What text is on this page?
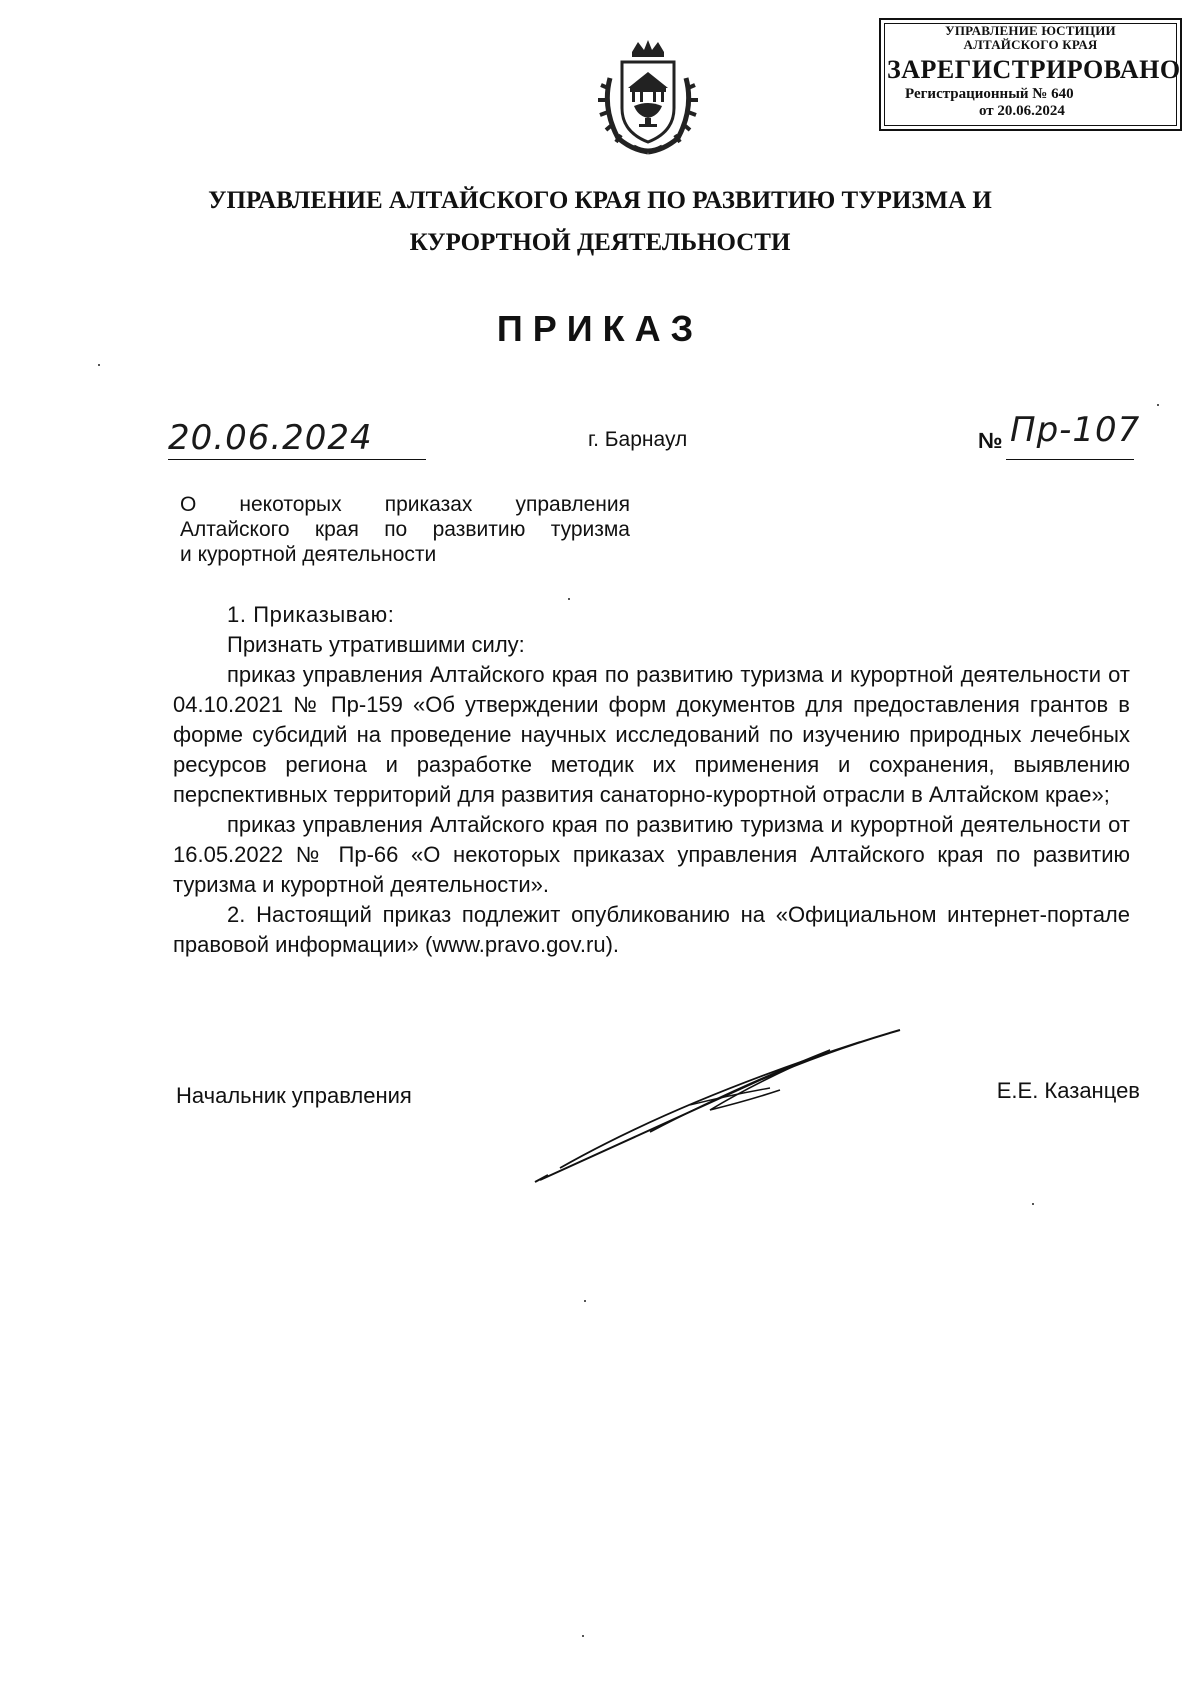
УПРАВЛЕНИЕ ЮСТИЦИИ АЛТАЙСКОГО КРАЯ
ЗАРЕГИСТРИРОВАНО
Регистрационный № 640
от 20.06.2024
УПРАВЛЕНИЕ АЛТАЙСКОГО КРАЯ ПО РАЗВИТИЮ ТУРИЗМА И КУРОРТНОЙ ДЕЯТЕЛЬНОСТИ
ПРИКАЗ
20.06.2024	г. Барнаул	№ Пр-107
О некоторых приказах управления
Алтайского края по развитию туризма
и курортной деятельности

1. Приказываю:

Признать утратившими силу:

приказ управления Алтайского края по развитию туризма и курортной деятельности от 04.10.2021 № Пр-159 «Об утверждении форм документов для предоставления грантов в форме субсидий на проведение научных исследований по изучению природных лечебных ресурсов региона и разработке методик их применения и сохранения, выявлению перспективных территорий для развития санаторно-курортной отрасли в Алтайском крае»;

приказ управления Алтайского края по развитию туризма и курортной деятельности от 16.05.2022 № Пр-66 «О некоторых приказах управления Алтайского края по развитию туризма и курортной деятельности».

2. Настоящий приказ подлежит опубликованию на «Официальном интернет-портале правовой информации» (www.pravo.gov.ru).

Начальник управления	Е.Е. Казанцев
